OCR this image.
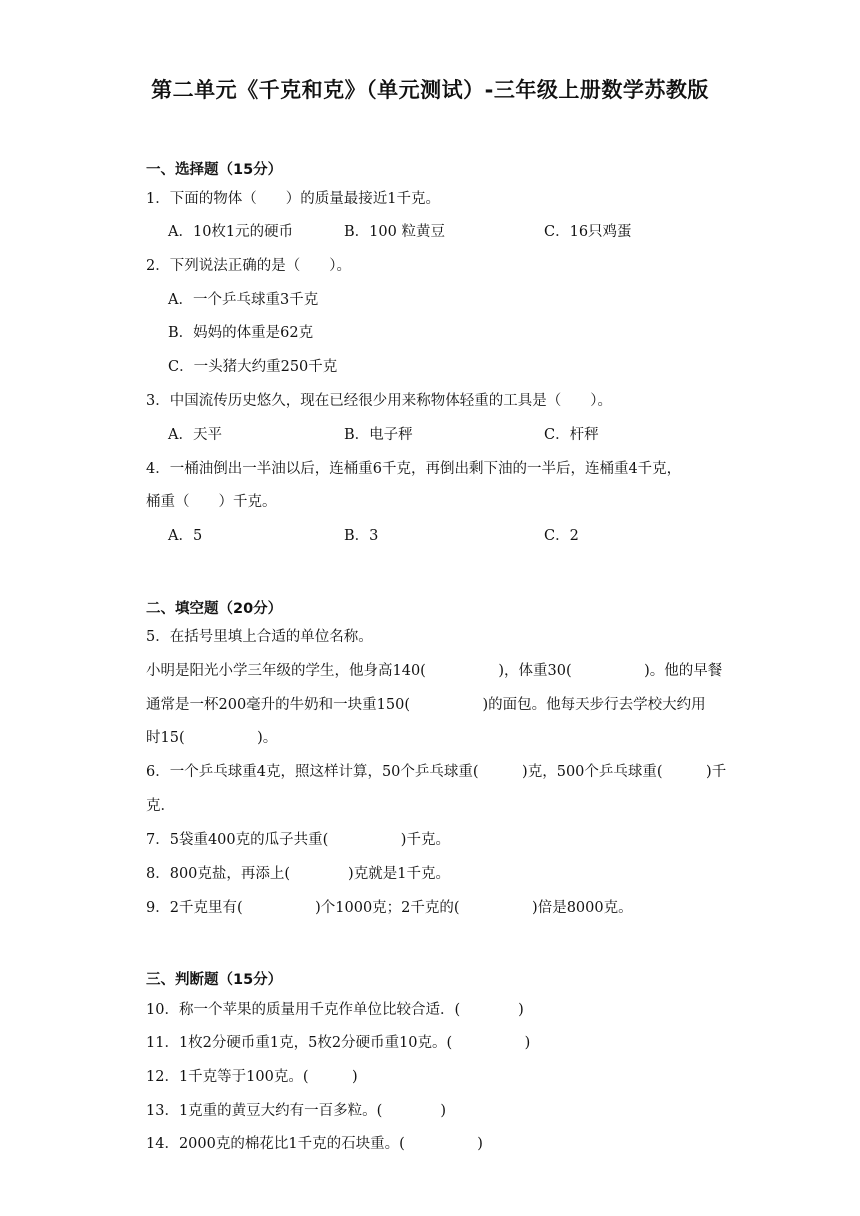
第二单元《千克和克》（单元测试）-三年级上册数学苏教版
一、选择题（15分）
1．下面的物体（　　）的质量最接近1千克。
A．10枚1元的硬币	B．100 粒黄豆	C．16只鸡蛋
2．下列说法正确的是（　　）。
A．一个乒乓球重3千克
B．妈妈的体重是62克
C．一头猪大约重250千克
3．中国流传历史悠久，现在已经很少用来称物体轻重的工具是（　　）。
A．天平	B．电子秤	C．杆秤
4．一桶油倒出一半油以后，连桶重6千克，再倒出剩下油的一半后，连桶重4千克，
桶重（　　）千克。
A．5	B．3	C．2
二、填空题（20分）
5．在括号里填上合适的单位名称。
小明是阳光小学三年级的学生，他身高140(　　　　　)，体重30(　　　　　)。他的早餐
通常是一杯200毫升的牛奶和一块重150(　　　　　)的面包。他每天步行去学校大约用
时15(　　　　　)。
6．一个乒乓球重4克，照这样计算，50个乒乓球重(　　　)克，500个乒乓球重(　　　)千
克．
7．5袋重400克的瓜子共重(　　　　　)千克。
8．800克盐，再添上(　　　　)克就是1千克。
9．2千克里有(　　　　　)个1000克；2千克的(　　　　　)倍是8000克。
三、判断题（15分）
10．称一个苹果的质量用千克作单位比较合适．(　　　　)
11．1枚2分硬币重1克，5枚2分硬币重10克。(　　　　　)
12．1千克等于100克。(　　　)
13．1克重的黄豆大约有一百多粒。(　　　　)
14．2000克的棉花比1千克的石块重。(　　　　　)
